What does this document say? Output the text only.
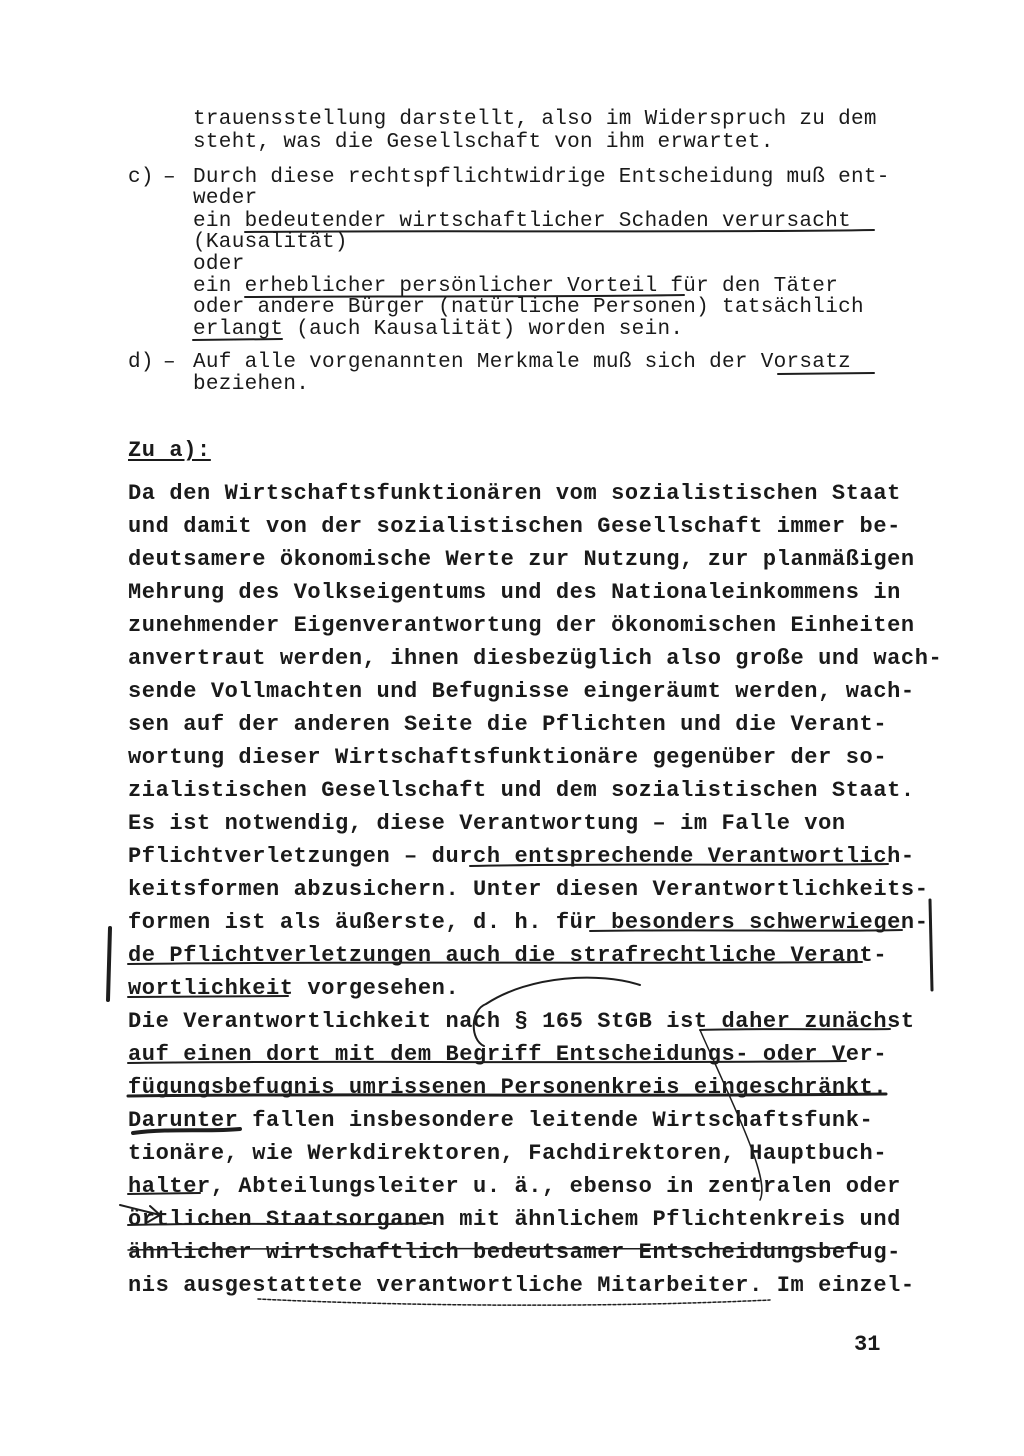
trauensstellung darstellt, also im Widerspruch zu dem
steht, was die Gesellschaft von ihm erwartet.
c) – Durch diese rechtspflichtwidrige Entscheidung muß ent-
weder
ein bedeutender wirtschaftlicher Schaden verursacht
(Kausalität)
oder
ein erheblicher persönlicher Vorteil für den Täter
oder andere Bürger (natürliche Personen) tatsächlich
erlangt (auch Kausalität) worden sein.
d) – Auf alle vorgenannten Merkmale muß sich der Vorsatz
beziehen.
Zu a):
Da den Wirtschaftsfunktionären vom sozialistischen Staat
und damit von der sozialistischen Gesellschaft immer be-
deutsamere ökonomische Werte zur Nutzung, zur planmäßigen
Mehrung des Volkseigentums und des Nationaleinkommens in
zunehmender Eigenverantwortung der ökonomischen Einheiten
anvertraut werden, ihnen diesbezüglich also große und wach-
sende Vollmachten und Befugnisse eingeräumt werden, wach-
sen auf der anderen Seite die Pflichten und die Verant-
wortung dieser Wirtschaftsfunktionäre gegenüber der so-
zialistischen Gesellschaft und dem sozialistischen Staat.
Es ist notwendig, diese Verantwortung – im Falle von
Pflichtverletzungen – durch entsprechende Verantwortlich-
keitsformen abzusichern. Unter diesen Verantwortlichkeits-
formen ist als äußerste, d. h. für besonders schwerwiegen-
de Pflichtverletzungen auch die strafrechtliche Verant-
wortlichkeit vorgesehen.
Die Verantwortlichkeit nach § 165 StGB ist daher zunächst
auf einen dort mit dem Begriff Entscheidungs- oder Ver-
fügungsbefugnis umrissenen Personenkreis eingeschränkt.
Darunter fallen insbesondere leitende Wirtschaftsfunk-
tionäre, wie Werkdirektoren, Fachdirektoren, Hauptbuch-
halter, Abteilungsleiter u. ä., ebenso in zentralen oder
örtlichen Staatsorganen mit ähnlichem Pflichtenkreis und
ähnlicher wirtschaftlich bedeutsamer Entscheidungsbefug-
nis ausgestattete verantwortliche Mitarbeiter. Im einzel-
31
